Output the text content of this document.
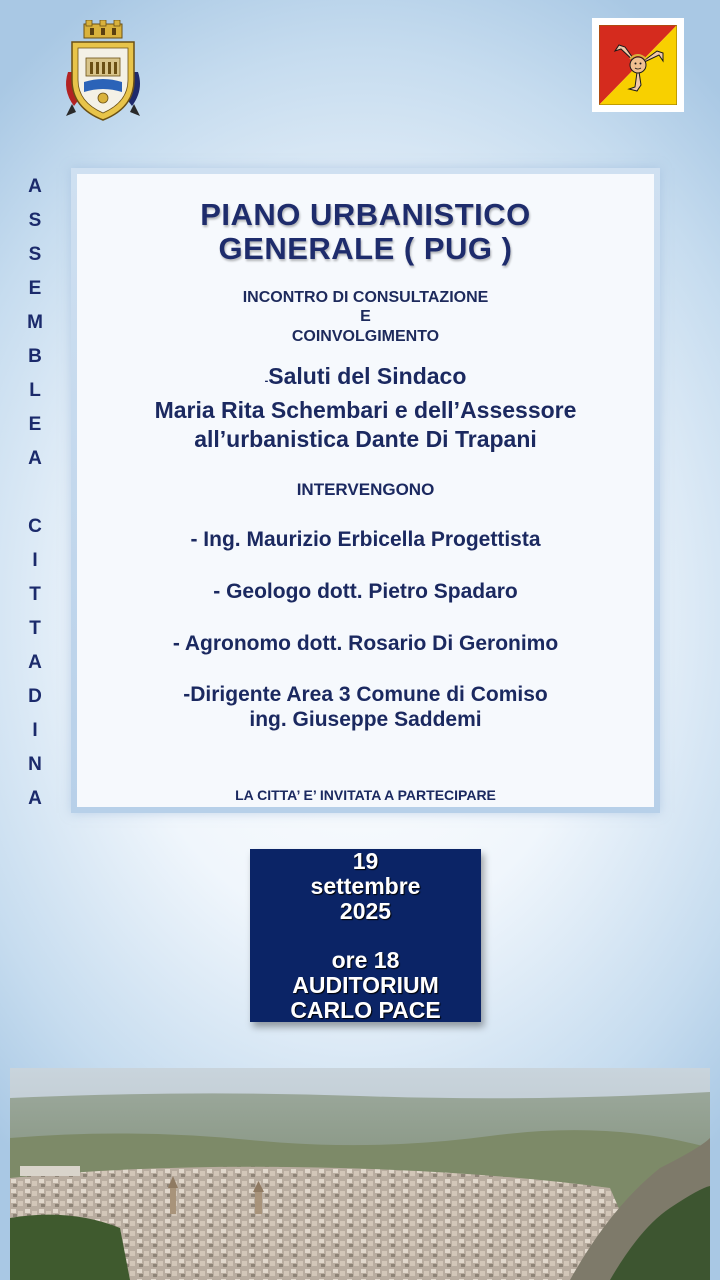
A
S
S
E
M
B
L
E
A
C
I
T
T
A
D
I
N
A
PIANO URBANISTICO
GENERALE ( PUG )
INCONTRO DI CONSULTAZIONE
E
COINVOLGIMENTO
-Saluti del Sindaco
Maria Rita Schembari e dell’Assessore
all’urbanistica Dante Di Trapani
INTERVENGONO
- Ing. Maurizio Erbicella Progettista
- Geologo dott. Pietro Spadaro
- Agronomo dott. Rosario Di Geronimo
-Dirigente Area 3 Comune di Comiso
ing. Giuseppe Saddemi
LA CITTA’ E’ INVITATA A PARTECIPARE
19
settembre
2025
ore 18
AUDITORIUM
CARLO PACE
